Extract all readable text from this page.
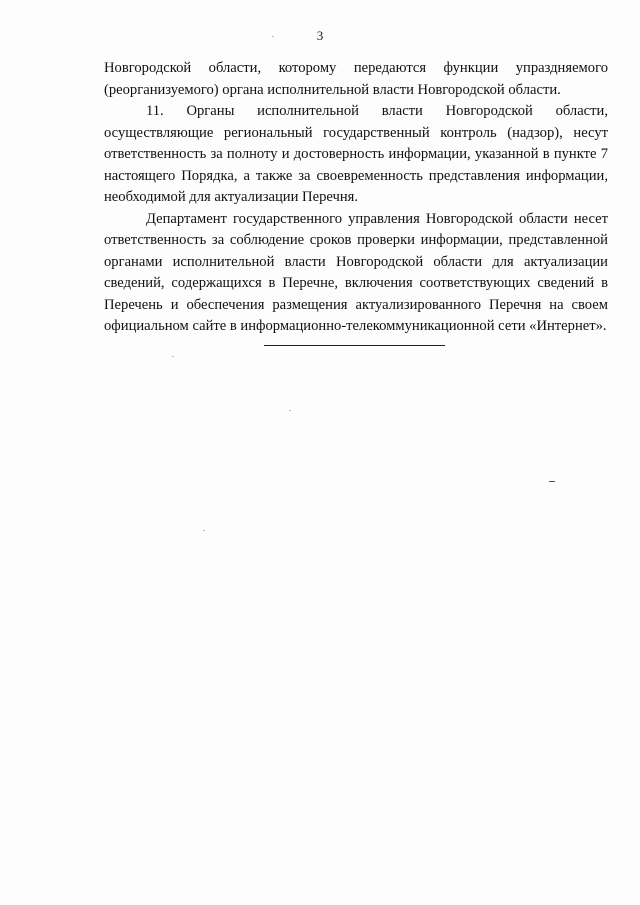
3

Новгородской области, которому передаются функции упраздняемого (реорганизуемого) органа исполнительной власти Новгородской области.

11. Органы исполнительной власти Новгородской области, осуществляющие региональный государственный контроль (надзор), несут ответственность за полноту и достоверность информации, указанной в пункте 7 настоящего Порядка, а также за своевременность представления информации, необходимой для актуализации Перечня.

Департамент государственного управления Новгородской области несет ответственность за соблюдение сроков проверки информации, представленной органами исполнительной власти Новгородской области для актуализации сведений, содержащихся в Перечне, включения соответствующих сведений в Перечень и обеспечения размещения актуализированного Перечня на своем официальном сайте в информационно-телекоммуникационной сети «Интернет».
